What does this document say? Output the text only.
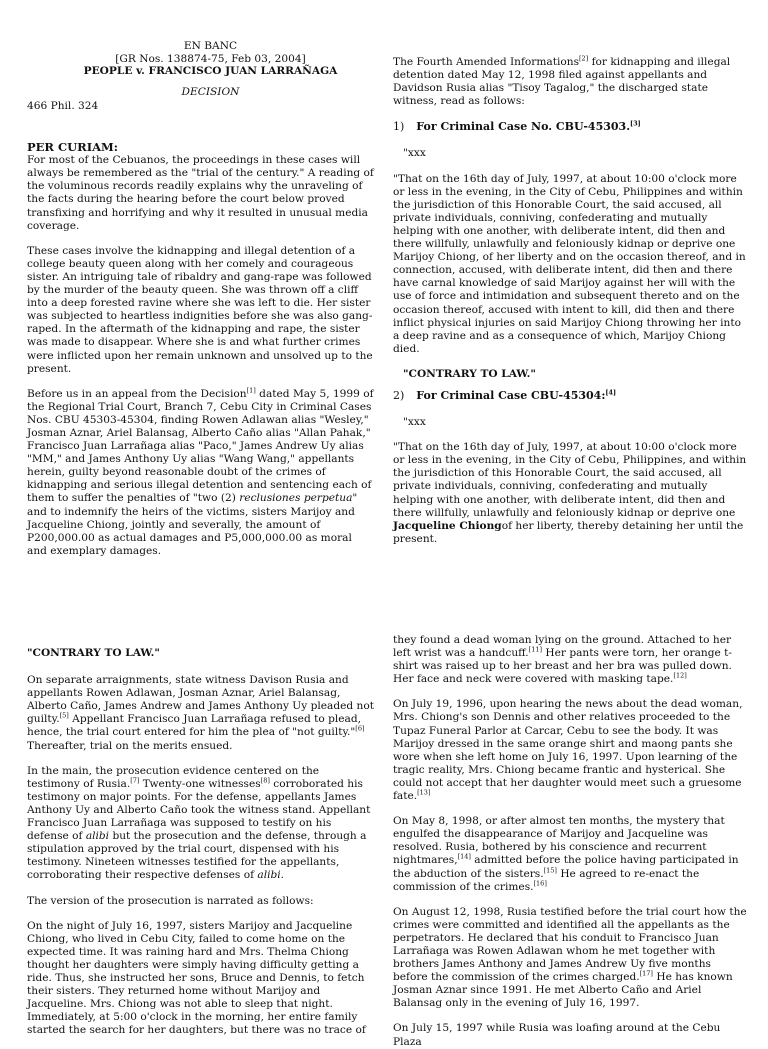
EN BANC
[GR Nos. 138874-75, Feb 03, 2004]
PEOPLE v. FRANCISCO JUAN LARRAÑAGA
DECISION
466 Phil. 324
PER CURIAM:

For most of the Cebuanos, the proceedings in these cases will always be remembered as the "trial of the century." A reading of the voluminous records readily explains why the unraveling of the facts during the hearing before the court below proved transfixing and horrifying and why it resulted in unusual media coverage.

These cases involve the kidnapping and illegal detention of a college beauty queen along with her comely and courageous sister. An intriguing tale of ribaldry and gang-rape was followed by the murder of the beauty queen. She was thrown off a cliff into a deep forested ravine where she was left to die. Her sister was subjected to heartless indignities before she was also gang-raped. In the aftermath of the kidnapping and rape, the sister was made to disappear. Where she is and what further crimes were inflicted upon her remain unknown and unsolved up to the present.

Before us in an appeal from the Decision[1] dated May 5, 1999 of the Regional Trial Court, Branch 7, Cebu City in Criminal Cases Nos. CBU 45303-45304, finding Rowen Adlawan alias "Wesley," Josman Aznar, Ariel Balansag, Alberto Caño alias "Allan Pahak," Francisco Juan Larrañaga alias "Paco," James Andrew Uy alias "MM," and James Anthony Uy alias "Wang Wang," appellants herein, guilty beyond reasonable doubt of the crimes of kidnapping and serious illegal detention and sentencing each of them to suffer the penalties of "two (2) reclusiones perpetua" and to indemnify the heirs of the victims, sisters Marijoy and Jacqueline Chiong, jointly and severally, the amount of P200,000.00 as actual damages and P5,000,000.00 as moral and exemplary damages.

The Fourth Amended Informations[2] for kidnapping and illegal detention dated May 12, 1998 filed against appellants and Davidson Rusia alias "Tisoy Tagalog," the discharged state witness, read as follows:

1) For Criminal Case No. CBU-45303.[3]
"xxx

"That on the 16th day of July, 1997, at about 10:00 o'clock more or less in the evening, in the City of Cebu, Philippines and within the jurisdiction of this Honorable Court, the said accused, all private individuals, conniving, confederating and mutually helping with one another, with deliberate intent, did then and there willfully, unlawfully and feloniously kidnap or deprive one Marijoy Chiong, of her liberty and on the occasion thereof, and in connection, accused, with deliberate intent, did then and there have carnal knowledge of said Marijoy against her will with the use of force and intimidation and subsequent thereto and on the occasion thereof, accused with intent to kill, did then and there inflict physical injuries on said Marijoy Chiong throwing her into a deep ravine and as a consequence of which, Marijoy Chiong died.

"CONTRARY TO LAW."
2) For Criminal Case CBU-45304:[4]
"xxx

"That on the 16th day of July, 1997, at about 10:00 o'clock more or less in the evening, in the City of Cebu, Philippines, and within the jurisdiction of this Honorable Court, the said accused, all private individuals, conniving, confederating and mutually helping with one another, with deliberate intent, did then and there willfully, unlawfully and feloniously kidnap or deprive one Jacqueline Chiongof her liberty, thereby detaining her until the present.

"CONTRARY TO LAW."

On separate arraignments, state witness Davison Rusia and appellants Rowen Adlawan, Josman Aznar, Ariel Balansag, Alberto Caño, James Andrew and James Anthony Uy pleaded not guilty.[5] Appellant Francisco Juan Larrañaga refused to plead, hence, the trial court entered for him the plea of "not guilty."[6] Thereafter, trial on the merits ensued.

In the main, the prosecution evidence centered on the testimony of Rusia.[7] Twenty-one witnesses[8] corroborated his testimony on major points. For the defense, appellants James Anthony Uy and Alberto Caño took the witness stand. Appellant Francisco Juan Larrañaga was supposed to testify on his defense of alibi but the prosecution and the defense, through a stipulation approved by the trial court, dispensed with his testimony. Nineteen witnesses testified for the appellants, corroborating their respective defenses of alibi.

The version of the prosecution is narrated as follows:

On the night of July 16, 1997, sisters Marijoy and Jacqueline Chiong, who lived in Cebu City, failed to come home on the expected time. It was raining hard and Mrs. Thelma Chiong thought her daughters were simply having difficulty getting a ride. Thus, she instructed her sons, Bruce and Dennis, to fetch their sisters. They returned home without Marijoy and Jacqueline. Mrs. Chiong was not able to sleep that night. Immediately, at 5:00 o'clock in the morning, her entire family started the search for her daughters, but there was no trace of

they found a dead woman lying on the ground. Attached to her left wrist was a handcuff.[11] Her pants were torn, her orange t-shirt was raised up to her breast and her bra was pulled down. Her face and neck were covered with masking tape.[12]

On July 19, 1996, upon hearing the news about the dead woman, Mrs. Chiong's son Dennis and other relatives proceeded to the Tupaz Funeral Parlor at Carcar, Cebu to see the body. It was Marijoy dressed in the same orange shirt and maong pants she wore when she left home on July 16, 1997. Upon learning of the tragic reality, Mrs. Chiong became frantic and hysterical. She could not accept that her daughter would meet such a gruesome fate.[13]

On May 8, 1998, or after almost ten months, the mystery that engulfed the disappearance of Marijoy and Jacqueline was resolved. Rusia, bothered by his conscience and recurrent nightmares,[14] admitted before the police having participated in the abduction of the sisters.[15] He agreed to re-enact the commission of the crimes.[16]

On August 12, 1998, Rusia testified before the trial court how the crimes were committed and identified all the appellants as the perpetrators. He declared that his conduit to Francisco Juan Larrañaga was Rowen Adlawan whom he met together with brothers James Anthony and James Andrew Uy five months before the commission of the crimes charged.[17] He has known Josman Aznar since 1991. He met Alberto Caño and Ariel Balansag only in the evening of July 16, 1997.

On July 15, 1997 while Rusia was loafing around at the Cebu Plaza
